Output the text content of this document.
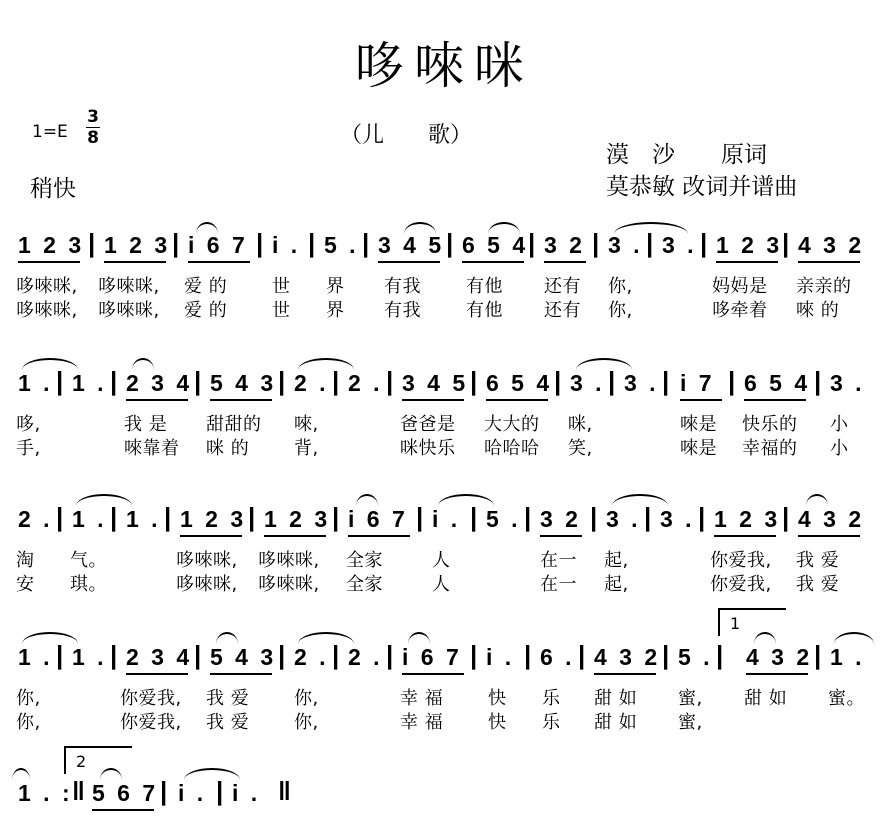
哆唻咪
1=E
3
8
稍快
（儿　　歌）
漠　沙　　原词
莫恭敏 改词并谱曲
1 2 3 | 1 2 3 | i 6 7 | i . | 5 . | 3 4 5 | 6 5 4 | 3 2 | 3 . | 3 . | 1 2 3 | 4 3 2
哆唻咪, 哆唻咪, 爱 的 世 界 有我	有他 还有 你,	妈妈是 亲亲的
哆唻咪, 哆唻咪, 爱 的 世 界 有我	有他 还有 你,	哆牵着 唻 的
1 . | 1 . | 2 3 4 | 5 4 3 | 2 . | 2 . | 3 4 5 | 6 5 4 | 3 . | 3 . | i 7 | 6 5 4 | 3 .
哆,	我 是 甜甜的 唻,	爸爸是 大大的 咪,	唻是 快乐的 小
手,	唻靠着 咪 的 背,	咪快乐 哈哈哈 笑,	唻是 幸福的 小
2 . | 1 . | 1 . | 1 2 3 | 1 2 3 | i 6 7 | i . | 5 . | 3 2 | 3 . | 3 . | 1 2 3 | 4 3 2
淘 气。	哆唻咪, 哆唻咪, 全家	人	在一 起,	你爱我, 我 爱
安 琪。	哆唻咪, 哆唻咪, 全家	人	在一 起,	你爱我, 我 爱
1 . | 1 . | 2 3 4 | 5 4 3 | 2 . | 2 . | i 6 7 | i . | 6 . | 4 3 2 | 5 . | 4 3 2 | 1 .
1
你,	你爱我, 我 爱 你,	幸 福 快 乐 甜 如 蜜, 甜 如 蜜。
你,	你爱我, 我 爱 你,	幸 福 快 乐 甜 如 蜜,
1 . : ‖ 5 6 7 | i . | i . ‖
2
